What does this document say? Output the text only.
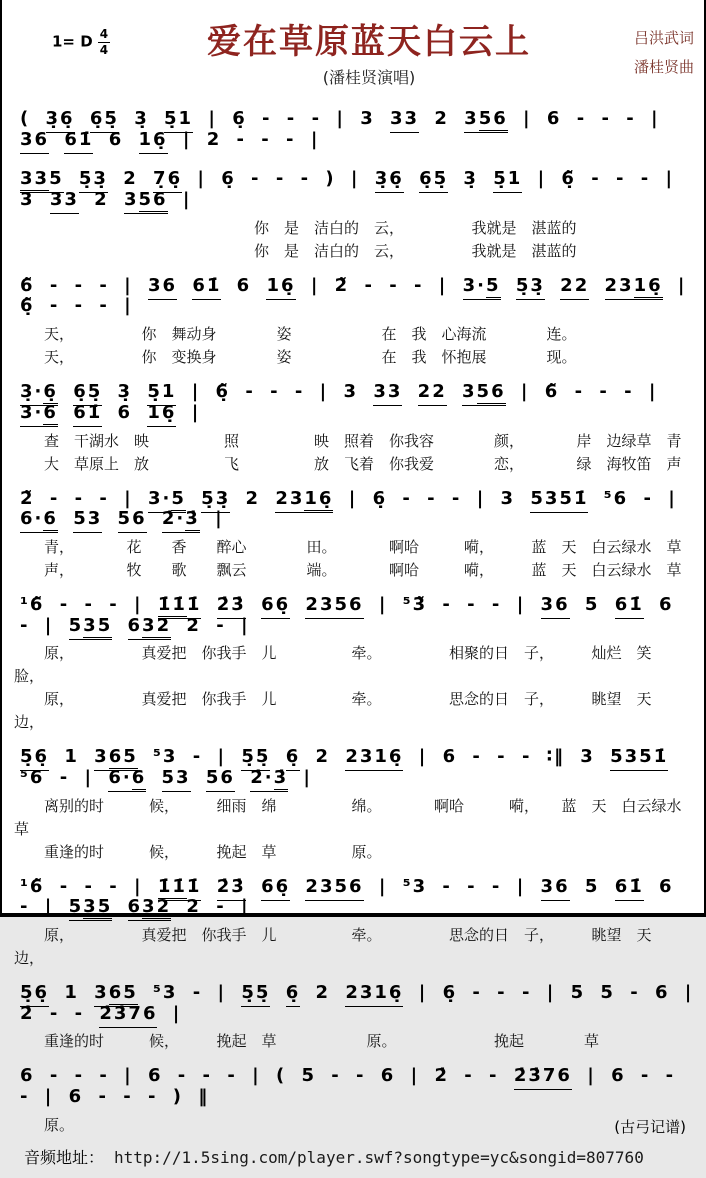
1= D $\frac{4}{4}$	爱在草原蓝天白云上
(潘桂贤演唱)
吕洪武词
潘桂贤曲
( 36 65 3 51 | 6 - - - | 3 33 2 356 | 6 - - - | 36 61 6 16 | 2 - - - |
335 53 2 76 | 6 - - - ) | 36 65 3 51 | 6 - - - | 3 33 2 356 |
　　　　　　　　　　　　　　　　你　是　洁白的　云，　　　　　我就是　湛蓝的
　　　　　　　　　　　　　　　　你　是　洁白的　云，　　　　　我就是　湛蓝的
6 - - - | 36 61 6 16 | 2 - - - | 3·5 53 22 2316 | 6 - - - |
　　天，　　　　　你　舞动身　　　　姿　　　　　　在　我　心海流　　　　连。
　　天，　　　　　你　变换身　　　　姿　　　　　　在　我　怀抱展　　　　现。
3·6 65 3 51 | 6 - - - | 3 33 22 356 | 6 - - - | 3·6 61 6 16 |
　　查　干湖水　映　　　　　照　　　　　映　照着　你我容　　　　颜，　　　　岸　边绿草　青
　　大　草原上　放　　　　　飞　　　　　放　飞着　你我爱　　　　恋，　　　　绿　海牧笛　声
2 - - - | 3·5 53 2 2316 | 6 - - - | 3 5351 ⁵6 - | 6·6 53 56 2·3 |
　　青，　　　　花　　香　　醉心　　　　田。　　　　啊哈　　　嗬，　　　蓝　天　白云绿水　草
　　声，　　　　牧　　歌　　飘云　　　　端。　　　　啊哈　　　嗬，　　　蓝　天　白云绿水　草
¹6 - - - | 111 23 66 2356 | ⁵3 - - - | 36 5 61 6 - | 535 632 2 - |
　　原，　　　　　真爱把　你我手　儿　　　　　牵。　　　　　相聚的日　子，　　　灿烂　笑　　脸，
　　原，　　　　　真爱把　你我手　儿　　　　　牵。　　　　　思念的日　子，　　　眺望　天　　边，
56 1 365 ⁵3 - | 55 6 2 2316 | 6 - - - ∶‖ 3 5351 ⁵6 - | 6·6 53 56 2·3 |
　　离别的时　　　候，　　　细雨　绵　　　　　绵。　　　　啊哈　　　嗬，　　蓝　天　白云绿水　草
　　重逢的时　　　候，　　　挽起　草　　　　　原。
¹6 - - - | 111 23 66 2356 | ⁵3 - - - | 36 5 61 6 - | 535 632 2 - |
　　原，　　　　　真爱把　你我手　儿　　　　　牵。　　　　　思念的日　子，　　　眺望　天　　边，
56 1 365 ⁵3 - | 55 6 2 2316 | 6 - - - | 5 5 - 6 | 2 - - 2376 |
　　重逢的时　　　候，　　　挽起　草　　　　　　原。　　　　　　　挽起　　　　草
6 - - - | 6 - - - | ( 5 - - 6 | 2 - - 2376 | 6 - - - | 6 - - - ) ‖
　　原。	(古弓记谱)
音频地址： http://1.5sing.com/player.swf?songtype=yc&songid=807760
